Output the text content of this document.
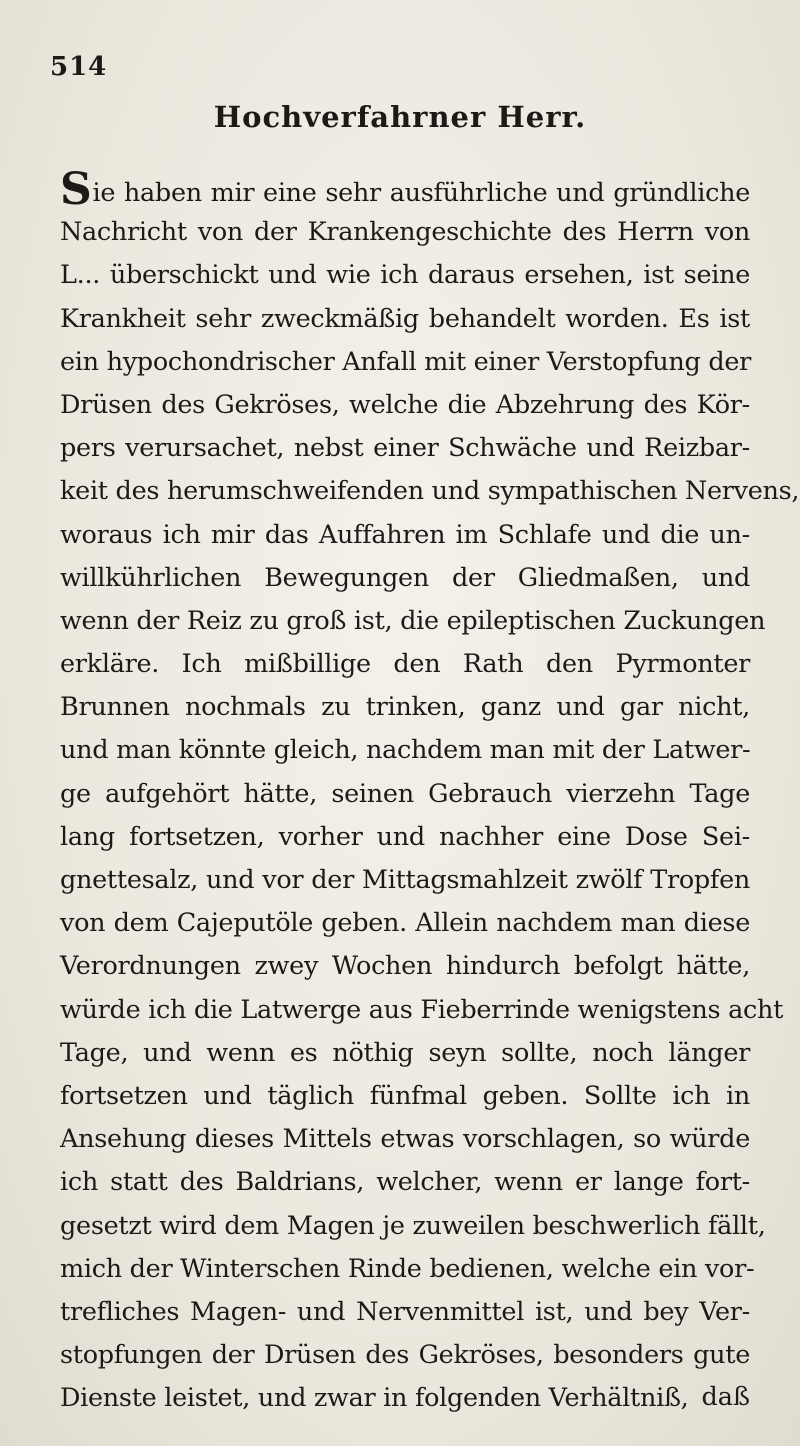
514
Hochverfahrner Herr.
Sie haben mir eine sehr ausführliche und gründliche
Nachricht von der Krankengeschichte des Herrn von
L... überschickt und wie ich daraus ersehen, ist seine
Krankheit sehr zweckmäßig behandelt worden. Es ist
ein hypochondrischer Anfall mit einer Verstopfung der
Drüsen des Gekröses, welche die Abzehrung des Kör-
pers verursachet, nebst einer Schwäche und Reizbar-
keit des herumschweifenden und sympathischen Nervens,
woraus ich mir das Auffahren im Schlafe und die un-
willkührlichen Bewegungen der Gliedmaßen, und
wenn der Reiz zu groß ist, die epileptischen Zuckungen
erkläre. Ich mißbillige den Rath den Pyrmonter
Brunnen nochmals zu trinken, ganz und gar nicht,
und man könnte gleich, nachdem man mit der Latwer-
ge aufgehört hätte, seinen Gebrauch vierzehn Tage
lang fortsetzen, vorher und nachher eine Dose Sei-
gnettesalz, und vor der Mittagsmahlzeit zwölf Tropfen
von dem Cajeputöle geben. Allein nachdem man diese
Verordnungen zwey Wochen hindurch befolgt hätte,
würde ich die Latwerge aus Fieberrinde wenigstens acht
Tage, und wenn es nöthig seyn sollte, noch länger
fortsetzen und täglich fünfmal geben. Sollte ich in
Ansehung dieses Mittels etwas vorschlagen, so würde
ich statt des Baldrians, welcher, wenn er lange fort-
gesetzt wird dem Magen je zuweilen beschwerlich fällt,
mich der Winterschen Rinde bedienen, welche ein vor-
trefliches Magen- und Nervenmittel ist, und bey Ver-
stopfungen der Drüsen des Gekröses, besonders gute
Dienste leistet, und zwar in folgenden Verhältniß, daß
